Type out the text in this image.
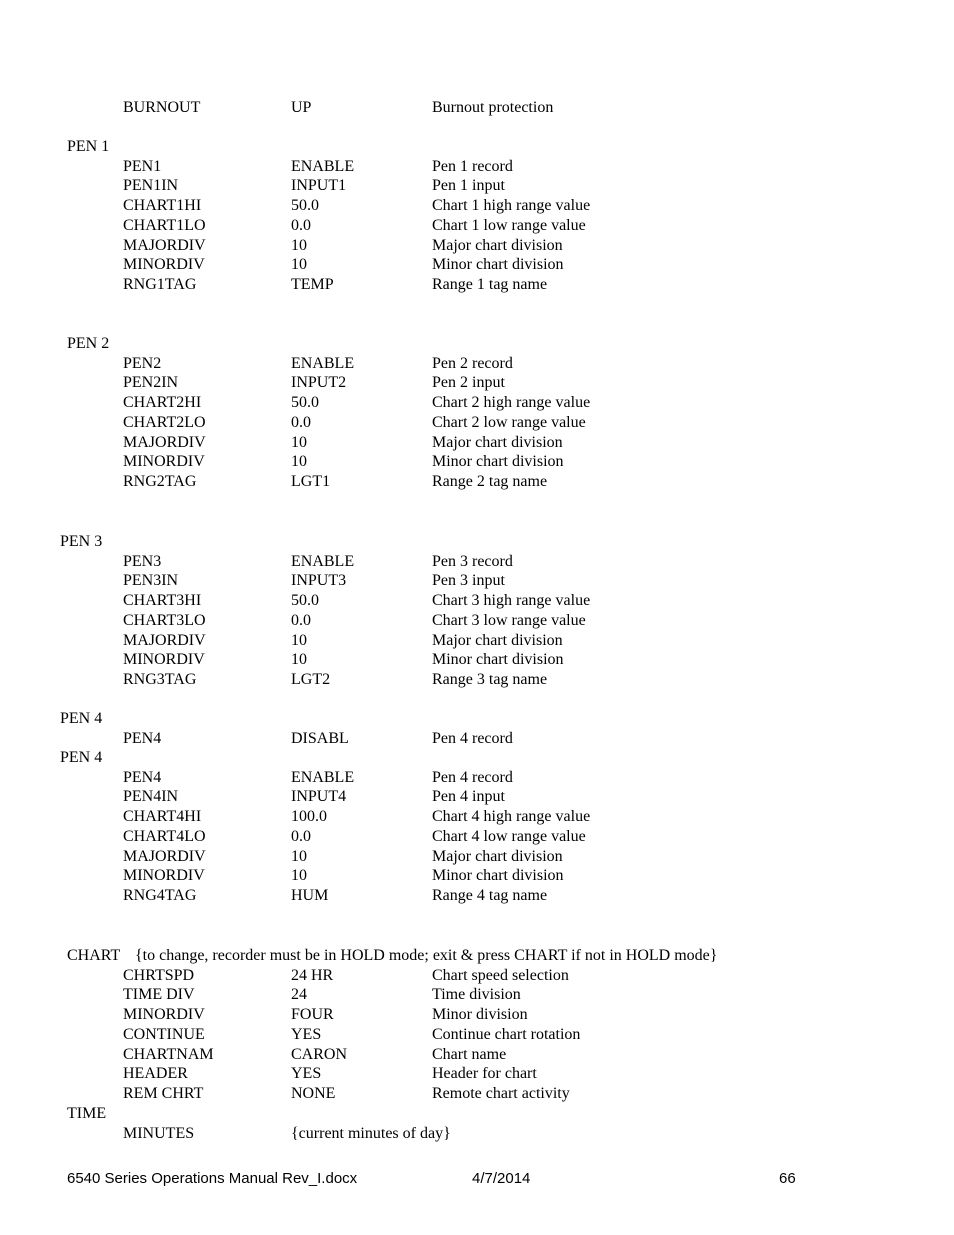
BURNOUT	UP	Burnout protection
PEN 1
PEN1	ENABLE	Pen 1 record
PEN1IN	INPUT1	Pen 1 input
CHART1HI	50.0	Chart 1 high range value
CHART1LO	0.0	Chart 1 low range value
MAJORDIV	10	Major chart division
MINORDIV	10	Minor chart division
RNG1TAG	TEMP	Range 1 tag name
PEN 2
PEN2	ENABLE	Pen 2 record
PEN2IN	INPUT2	Pen 2 input
CHART2HI	50.0	Chart 2 high range value
CHART2LO	0.0	Chart 2 low range value
MAJORDIV	10	Major chart division
MINORDIV	10	Minor chart division
RNG2TAG	LGT1	Range 2 tag name
PEN 3
PEN3	ENABLE	Pen 3 record
PEN3IN	INPUT3	Pen 3 input
CHART3HI	50.0	Chart 3 high range value
CHART3LO	0.0	Chart 3 low range value
MAJORDIV	10	Major chart division
MINORDIV	10	Minor chart division
RNG3TAG	LGT2	Range 3 tag name
PEN 4
PEN4	DISABL	Pen 4 record
PEN 4
PEN4	ENABLE	Pen 4 record
PEN4IN	INPUT4	Pen 4 input
CHART4HI	100.0	Chart 4 high range value
CHART4LO	0.0	Chart 4 low range value
MAJORDIV	10	Major chart division
MINORDIV	10	Minor chart division
RNG4TAG	HUM	Range 4 tag name
CHART {to change, recorder must be in HOLD mode; exit & press CHART if not in HOLD mode}
CHRTSPD	24 HR	Chart speed selection
TIME DIV	24	Time division
MINORDIV	FOUR	Minor division
CONTINUE	YES	Continue chart rotation
CHARTNAM	CARON	Chart name
HEADER	YES	Header for chart
REM CHRT	NONE	Remote chart activity
TIME
MINUTES	{current minutes of day}
6540 Series Operations Manual Rev_I.docx	4/7/2014	66
